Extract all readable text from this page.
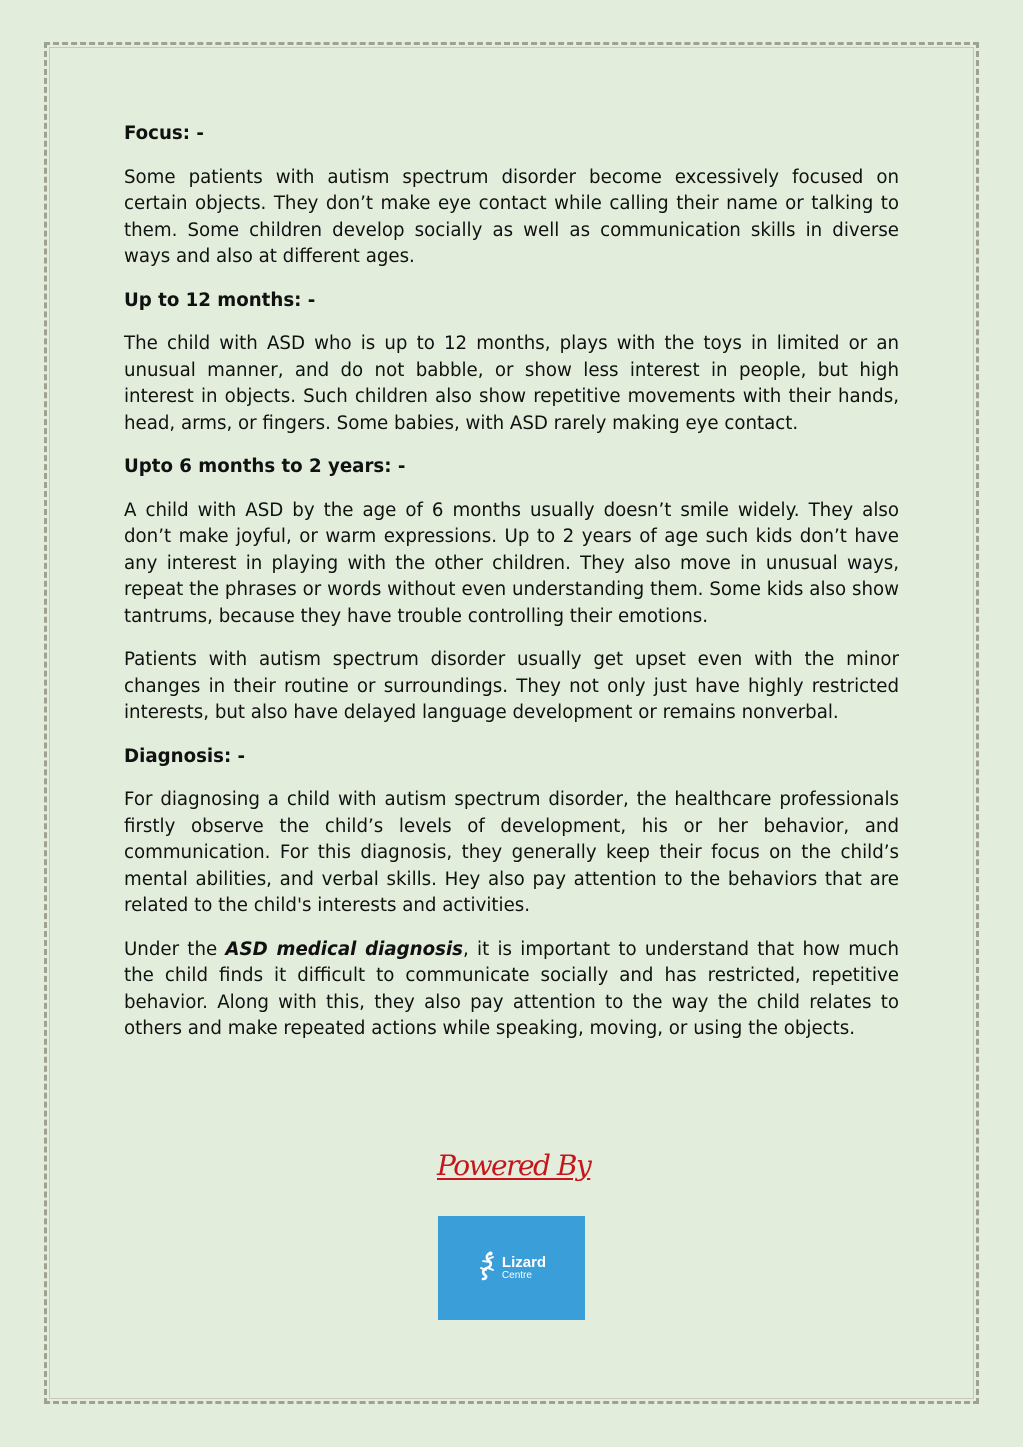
Focus: -

Some patients with autism spectrum disorder become excessively focused on certain objects. They don’t make eye contact while calling their name or talking to them. Some children develop socially as well as communication skills in diverse ways and also at different ages.

Up to 12 months: -

The child with ASD who is up to 12 months, plays with the toys in limited or an unusual manner, and do not babble, or show less interest in people, but high interest in objects. Such children also show repetitive movements with their hands, head, arms, or fingers. Some babies, with ASD rarely making eye contact.

Upto 6 months to 2 years: -

A child with ASD by the age of 6 months usually doesn’t smile widely. They also don’t make joyful, or warm expressions. Up to 2 years of age such kids don’t have any interest in playing with the other children. They also move in unusual ways, repeat the phrases or words without even understanding them. Some kids also show tantrums, because they have trouble controlling their emotions.

Patients with autism spectrum disorder usually get upset even with the minor changes in their routine or surroundings. They not only just have highly restricted interests, but also have delayed language development or remains nonverbal.

Diagnosis: -

For diagnosing a child with autism spectrum disorder, the healthcare professionals firstly observe the child’s levels of development, his or her behavior, and communication. For this diagnosis, they generally keep their focus on the child’s mental abilities, and verbal skills. Hey also pay attention to the behaviors that are related to the child's interests and activities.

Under the ASD medical diagnosis, it is important to understand that how much the child finds it difficult to communicate socially and has restricted, repetitive behavior. Along with this, they also pay attention to the way the child relates to others and make repeated actions while speaking, moving, or using the objects.

Powered By
Lizard
Centre
